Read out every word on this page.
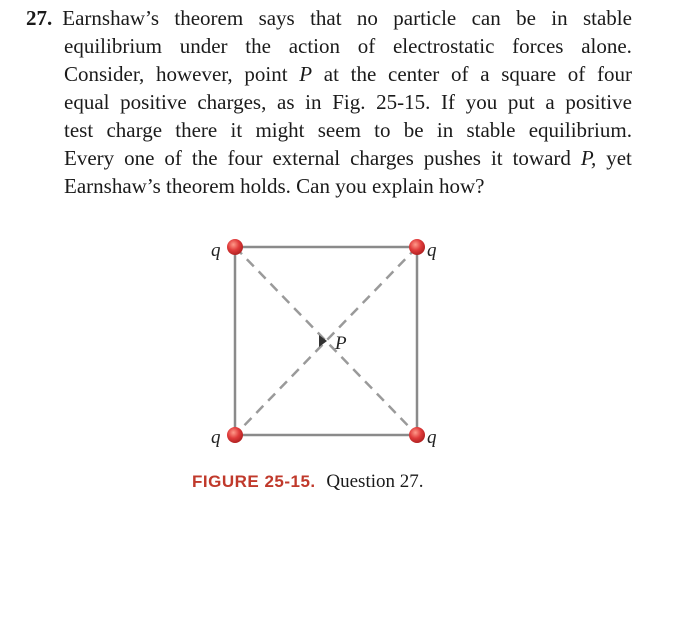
27. Earnshaw’s theorem says that no particle can be in stable
equilibrium under the action of electrostatic forces alone.
Consider, however, point P at the center of a square of four
equal positive charges, as in Fig. 25-15. If you put a positive
test charge there it might seem to be in stable equilibrium.
Every one of the four external charges pushes it toward P, yet
Earnshaw’s theorem holds. Can you explain how?
P
q	q
q	q
FIGURE 25-15. Question 27.
